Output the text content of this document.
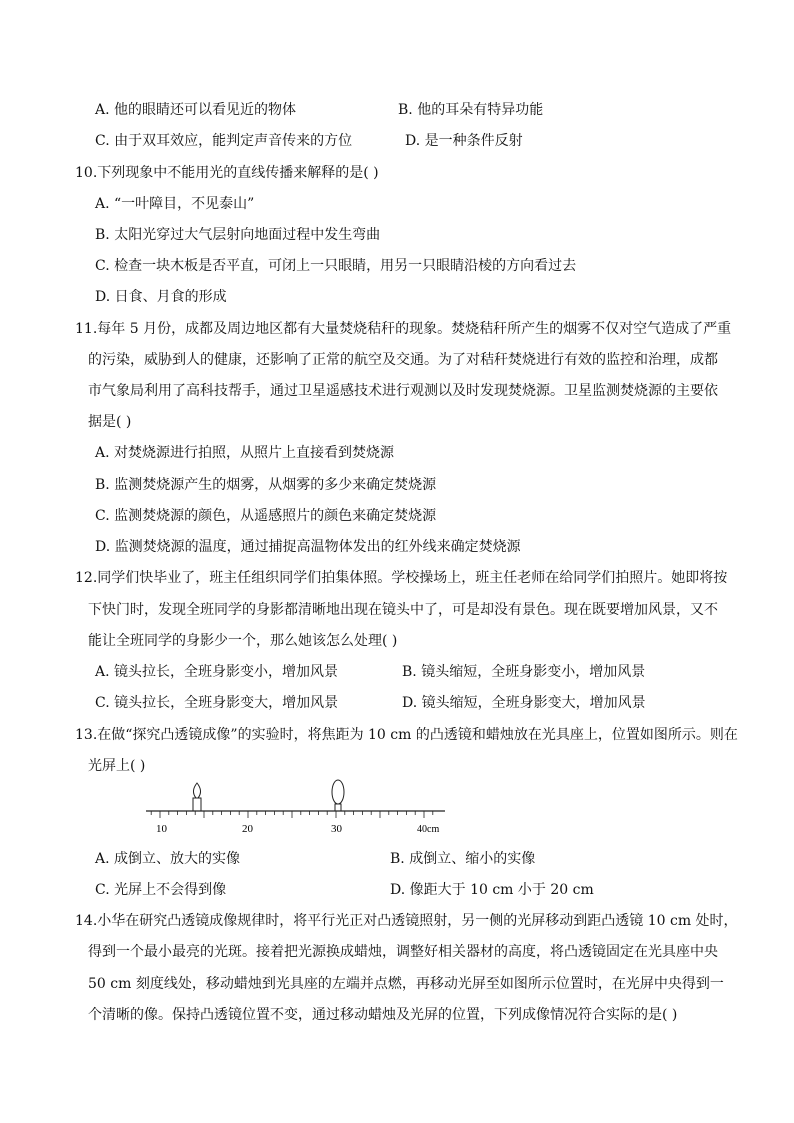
A. 他的眼睛还可以看见近的物体	B. 他的耳朵有特异功能
C. 由于双耳效应，能判定声音传来的方位	D. 是一种条件反射
10.下列现象中不能用光的直线传播来解释的是( )
A. “一叶障目，不见泰山”
B. 太阳光穿过大气层射向地面过程中发生弯曲
C. 检查一块木板是否平直，可闭上一只眼睛，用另一只眼睛沿棱的方向看过去
D. 日食、月食的形成
11.每年 5 月份，成都及周边地区都有大量焚烧秸秆的现象。焚烧秸秆所产生的烟雾不仅对空气造成了严重
的污染，威胁到人的健康，还影响了正常的航空及交通。为了对秸秆焚烧进行有效的监控和治理，成都
市气象局利用了高科技帮手，通过卫星遥感技术进行观测以及时发现焚烧源。卫星监测焚烧源的主要依
据是( )
A. 对焚烧源进行拍照，从照片上直接看到焚烧源
B. 监测焚烧源产生的烟雾，从烟雾的多少来确定焚烧源
C. 监测焚烧源的颜色，从遥感照片的颜色来确定焚烧源
D. 监测焚烧源的温度，通过捕捉高温物体发出的红外线来确定焚烧源
12.同学们快毕业了，班主任组织同学们拍集体照。学校操场上，班主任老师在给同学们拍照片。她即将按
下快门时，发现全班同学的身影都清晰地出现在镜头中了，可是却没有景色。现在既要增加风景，又不
能让全班同学的身影少一个，那么她该怎么处理( )
A. 镜头拉长，全班身影变小，增加风景	B. 镜头缩短，全班身影变小，增加风景
C. 镜头拉长，全班身影变大，增加风景	D. 镜头缩短，全班身影变大，增加风景
13.在做“探究凸透镜成像”的实验时，将焦距为 10 cm 的凸透镜和蜡烛放在光具座上，位置如图所示。则在
光屏上( )
10	20	30	40cm
A. 成倒立、放大的实像	B. 成倒立、缩小的实像
C. 光屏上不会得到像	D. 像距大于 10 cm 小于 20 cm
14.小华在研究凸透镜成像规律时，将平行光正对凸透镜照射，另一侧的光屏移动到距凸透镜 10 cm 处时，
得到一个最小最亮的光斑。接着把光源换成蜡烛，调整好相关器材的高度，将凸透镜固定在光具座中央
50 cm 刻度线处，移动蜡烛到光具座的左端并点燃，再移动光屏至如图所示位置时，在光屏中央得到一
个清晰的像。保持凸透镜位置不变，通过移动蜡烛及光屏的位置，下列成像情况符合实际的是( )
